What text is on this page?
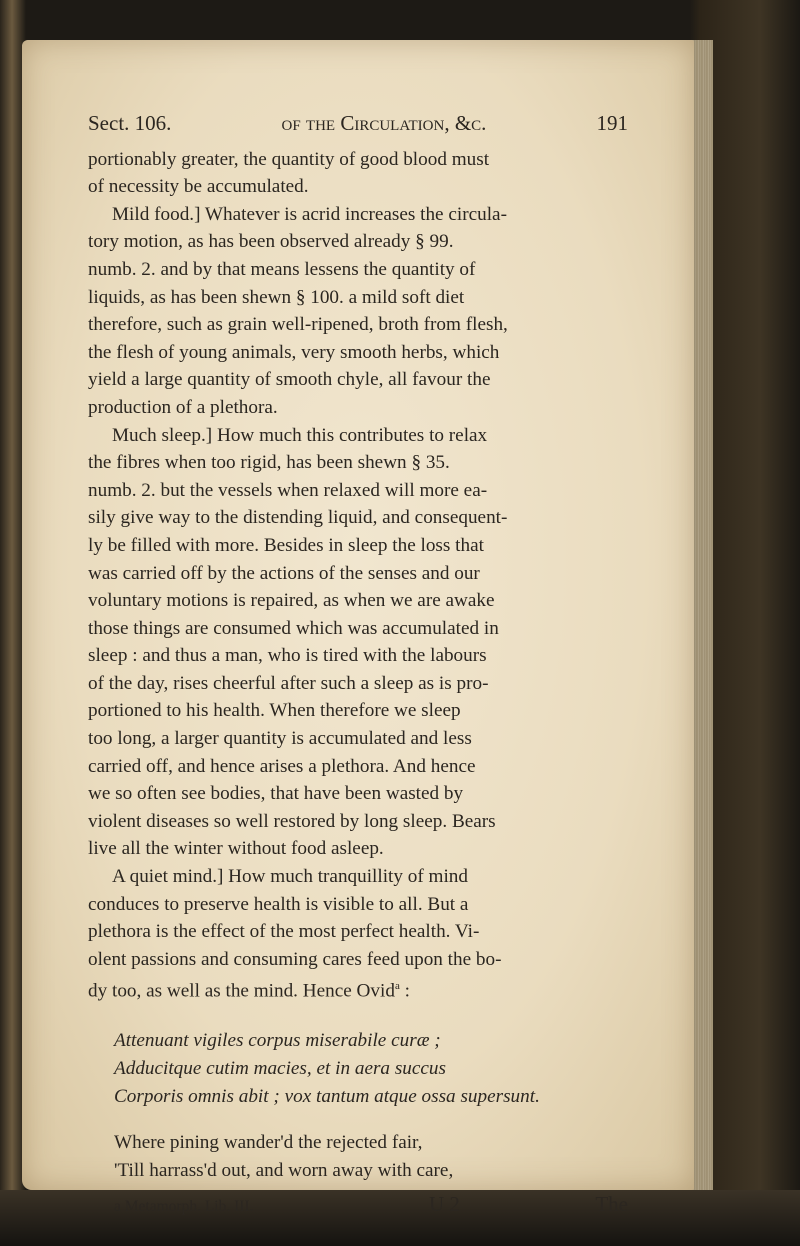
Sect. 106.	of the Circulation, &c.	191
portionably greater, the quantity of good blood must
of necessity be accumulated.
Mild food.] Whatever is acrid increases the circula-
tory motion, as has been observed already § 99.
numb. 2. and by that means lessens the quantity of
liquids, as has been shewn § 100. a mild soft diet
therefore, such as grain well-ripened, broth from flesh,
the flesh of young animals, very smooth herbs, which
yield a large quantity of smooth chyle, all favour the
production of a plethora.
Much sleep.] How much this contributes to relax
the fibres when too rigid, has been shewn § 35.
numb. 2. but the vessels when relaxed will more ea-
sily give way to the distending liquid, and consequent-
ly be filled with more. Besides in sleep the loss that
was carried off by the actions of the senses and our
voluntary motions is repaired, as when we are awake
those things are consumed which was accumulated in
sleep : and thus a man, who is tired with the labours
of the day, rises cheerful after such a sleep as is pro-
portioned to his health. When therefore we sleep
too long, a larger quantity is accumulated and less
carried off, and hence arises a plethora. And hence
we so often see bodies, that have been wasted by
violent diseases so well restored by long sleep. Bears
live all the winter without food asleep.
A quiet mind.] How much tranquillity of mind
conduces to preserve health is visible to all. But a
plethora is the effect of the most perfect health. Vi-
olent passions and consuming cares feed upon the bo-
dy too, as well as the mind. Hence Ovid$^a$ :
Attenuant vigiles corpus miserabile curæ ;
Adducitque cutim macies, et in aera succus
Corporis omnis abit ; vox tantum atque ossa supersunt.
Where pining wander'd the rejected fair,
'Till harrass'd out, and worn away with care,
a Metamorph. Lib. III.	U 2	The
